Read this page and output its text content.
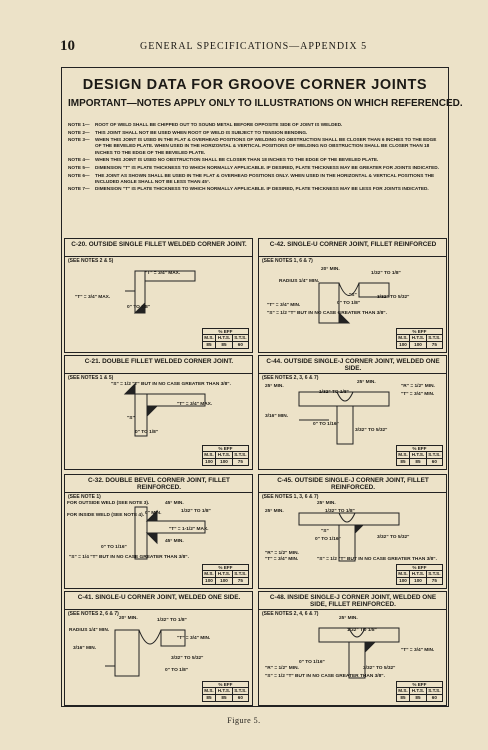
10	GENERAL SPECIFICATIONS—APPENDIX 5
DESIGN DATA FOR GROOVE CORNER JOINTS
IMPORTANT—NOTES APPLY ONLY TO ILLUSTRATIONS ON WHICH REFERENCED.
NOTE 1—	ROOT OF WELD SHALL BE CHIPPED OUT TO SOUND METAL BEFORE OPPOSITE SIDE OF JOINT IS WELDED.
NOTE 2—	THIS JOINT SHALL NOT BE USED WHEN ROOT OF WELD IS SUBJECT TO TENSION BENDING.
NOTE 3—	WHEN THIS JOINT IS USED IN THE FLAT & OVERHEAD POSITIONS OF WELDING NO OBSTRUCTION SHALL BE CLOSER THAN 6 INCHES TO THE EDGE OF THE BEVELED PLATE. WHEN USED IN THE HORIZONTAL & VERTICAL POSITIONS OF WELDING NO OBSTRUCTION SHALL BE CLOSER THAN 18 INCHES TO THE EDGE OF THE BEVELED PLATE.
NOTE 4—	WHEN THIS JOINT IS USED NO OBSTRUCTION SHALL BE CLOSER THAN 18 INCHES TO THE EDGE OF THE BEVELED PLATE.
NOTE 5—	DIMENSION "T" IS PLATE THICKNESS TO WHICH NORMALLY APPLICABLE. IF DESIRED, PLATE THICKNESS MAY BE GREATER FOR JOINTS INDICATED.
NOTE 6—	THE JOINT AS SHOWN SHALL BE USED IN THE FLAT & OVERHEAD POSITIONS ONLY. WHEN USED IN THE HORIZONTAL & VERTICAL POSITIONS THE INCLUDED ANGLE SHALL NOT BE LESS THAN 45°.
NOTE 7—	DIMENSION "T" IS PLATE THICKNESS TO WHICH NORMALLY APPLICABLE. IF DESIRED, PLATE THICKNESS MAY BE LESS FOR JOINTS INDICATED.
C-20. OUTSIDE SINGLE FILLET WELDED CORNER JOINT.
(SEE NOTES 2 & 5)
"T" = 3/4" MAX.
"T" = 3/4" MAX.
0" TO 1/8"
% EFF		
M.S.	H.T.S.	S.T.S.
85	85	60
C-42. SINGLE-U CORNER JOINT, FILLET REINFORCED
(SEE NOTES 1, 6 & 7)
20° MIN.
1/32" TO 1/8"
RADIUS 1/4" MIN.
"S"	3/32" TO 5/32"
"T" = 3/4" MIN.
"S" = 1/2 "T" BUT IN NO CASE GREATER THAN 3/8".
0" TO 1/8"
% EFF		
M.S.	H.T.S.	S.T.S.
100	100	75
C-21. DOUBLE FILLET WELDED CORNER JOINT.
(SEE NOTES 1 & 5)
"S" = 1/2 "T" BUT IN NO CASE GREATER THAN 3/8".
"T" = 3/4" MAX.
"S"
0" TO 1/8"
% EFF		
M.S.	H.T.S.	S.T.S.
100	100	75
C-44. OUTSIDE SINGLE-J CORNER JOINT, WELDED ONE SIDE.
(SEE NOTES 2, 3, 6 & 7)
25° MIN.
25° MIN.
"R" = 1/2" MIN.
"T" = 3/4" MIN.
1/32" TO 1/8"
3/16" MIN.
0" TO 1/16"
3/32" TO 5/32"
% EFF		
M.S.	H.T.S.	S.T.S.
85	85	60
C-32. DOUBLE BEVEL CORNER JOINT, FILLET REINFORCED.
(SEE NOTE 1)
FOR OUTSIDE WELD (SEE NOTE 3).
FOR INSIDE WELD (SEE NOTE 4).
45° MIN.
0" MIN.	1/32" TO 1/8"
"T" = 1-1/2" MAX.
0" TO 1/16"
45° MIN.
"S" = 1/4 "T" BUT IN NO CASE GREATER THAN 3/8".
% EFF		
M.S.	H.T.S.	S.T.S.
100	100	75
C-45. OUTSIDE SINGLE-J CORNER JOINT, FILLET REINFORCED.
(SEE NOTES 1, 3, 6 & 7)
25° MIN.
25° MIN.	1/32" TO 1/8"
"S"
0" TO 1/16"	3/32" TO 5/32"
"R" = 1/2" MIN.
"T" = 3/4" MIN.	"S" = 1/2 "T" BUT IN NO CASE GREATER THAN 3/8".
% EFF		
M.S.	H.T.S.	S.T.S.
100	100	75
C-41. SINGLE-U CORNER JOINT, WELDED ONE SIDE.
(SEE NOTES 2, 6 & 7)
20° MIN.	1/32" TO 1/8"
RADIUS 1/4" MIN.
"T" = 3/4" MIN.
3/16" MIN.
3/32" TO 5/32"
0" TO 1/8"
% EFF		
M.S.	H.T.S.	S.T.S.
85	85	60
C-48. INSIDE SINGLE-J CORNER JOINT, WELDED ONE SIDE, FILLET REINFORCED.
(SEE NOTES 2, 4, 6 & 7)
25° MIN.
1/32" TO 1/8"
"T" = 3/4" MIN.
0" TO 1/16"
3/32" TO 5/32"
"R" = 1/2" MIN.
"S" = 1/2 "T" BUT IN NO CASE GREATER THAN 3/8".
% EFF		
M.S.	H.T.S.	S.T.S.
85	85	60
Figure 5.
